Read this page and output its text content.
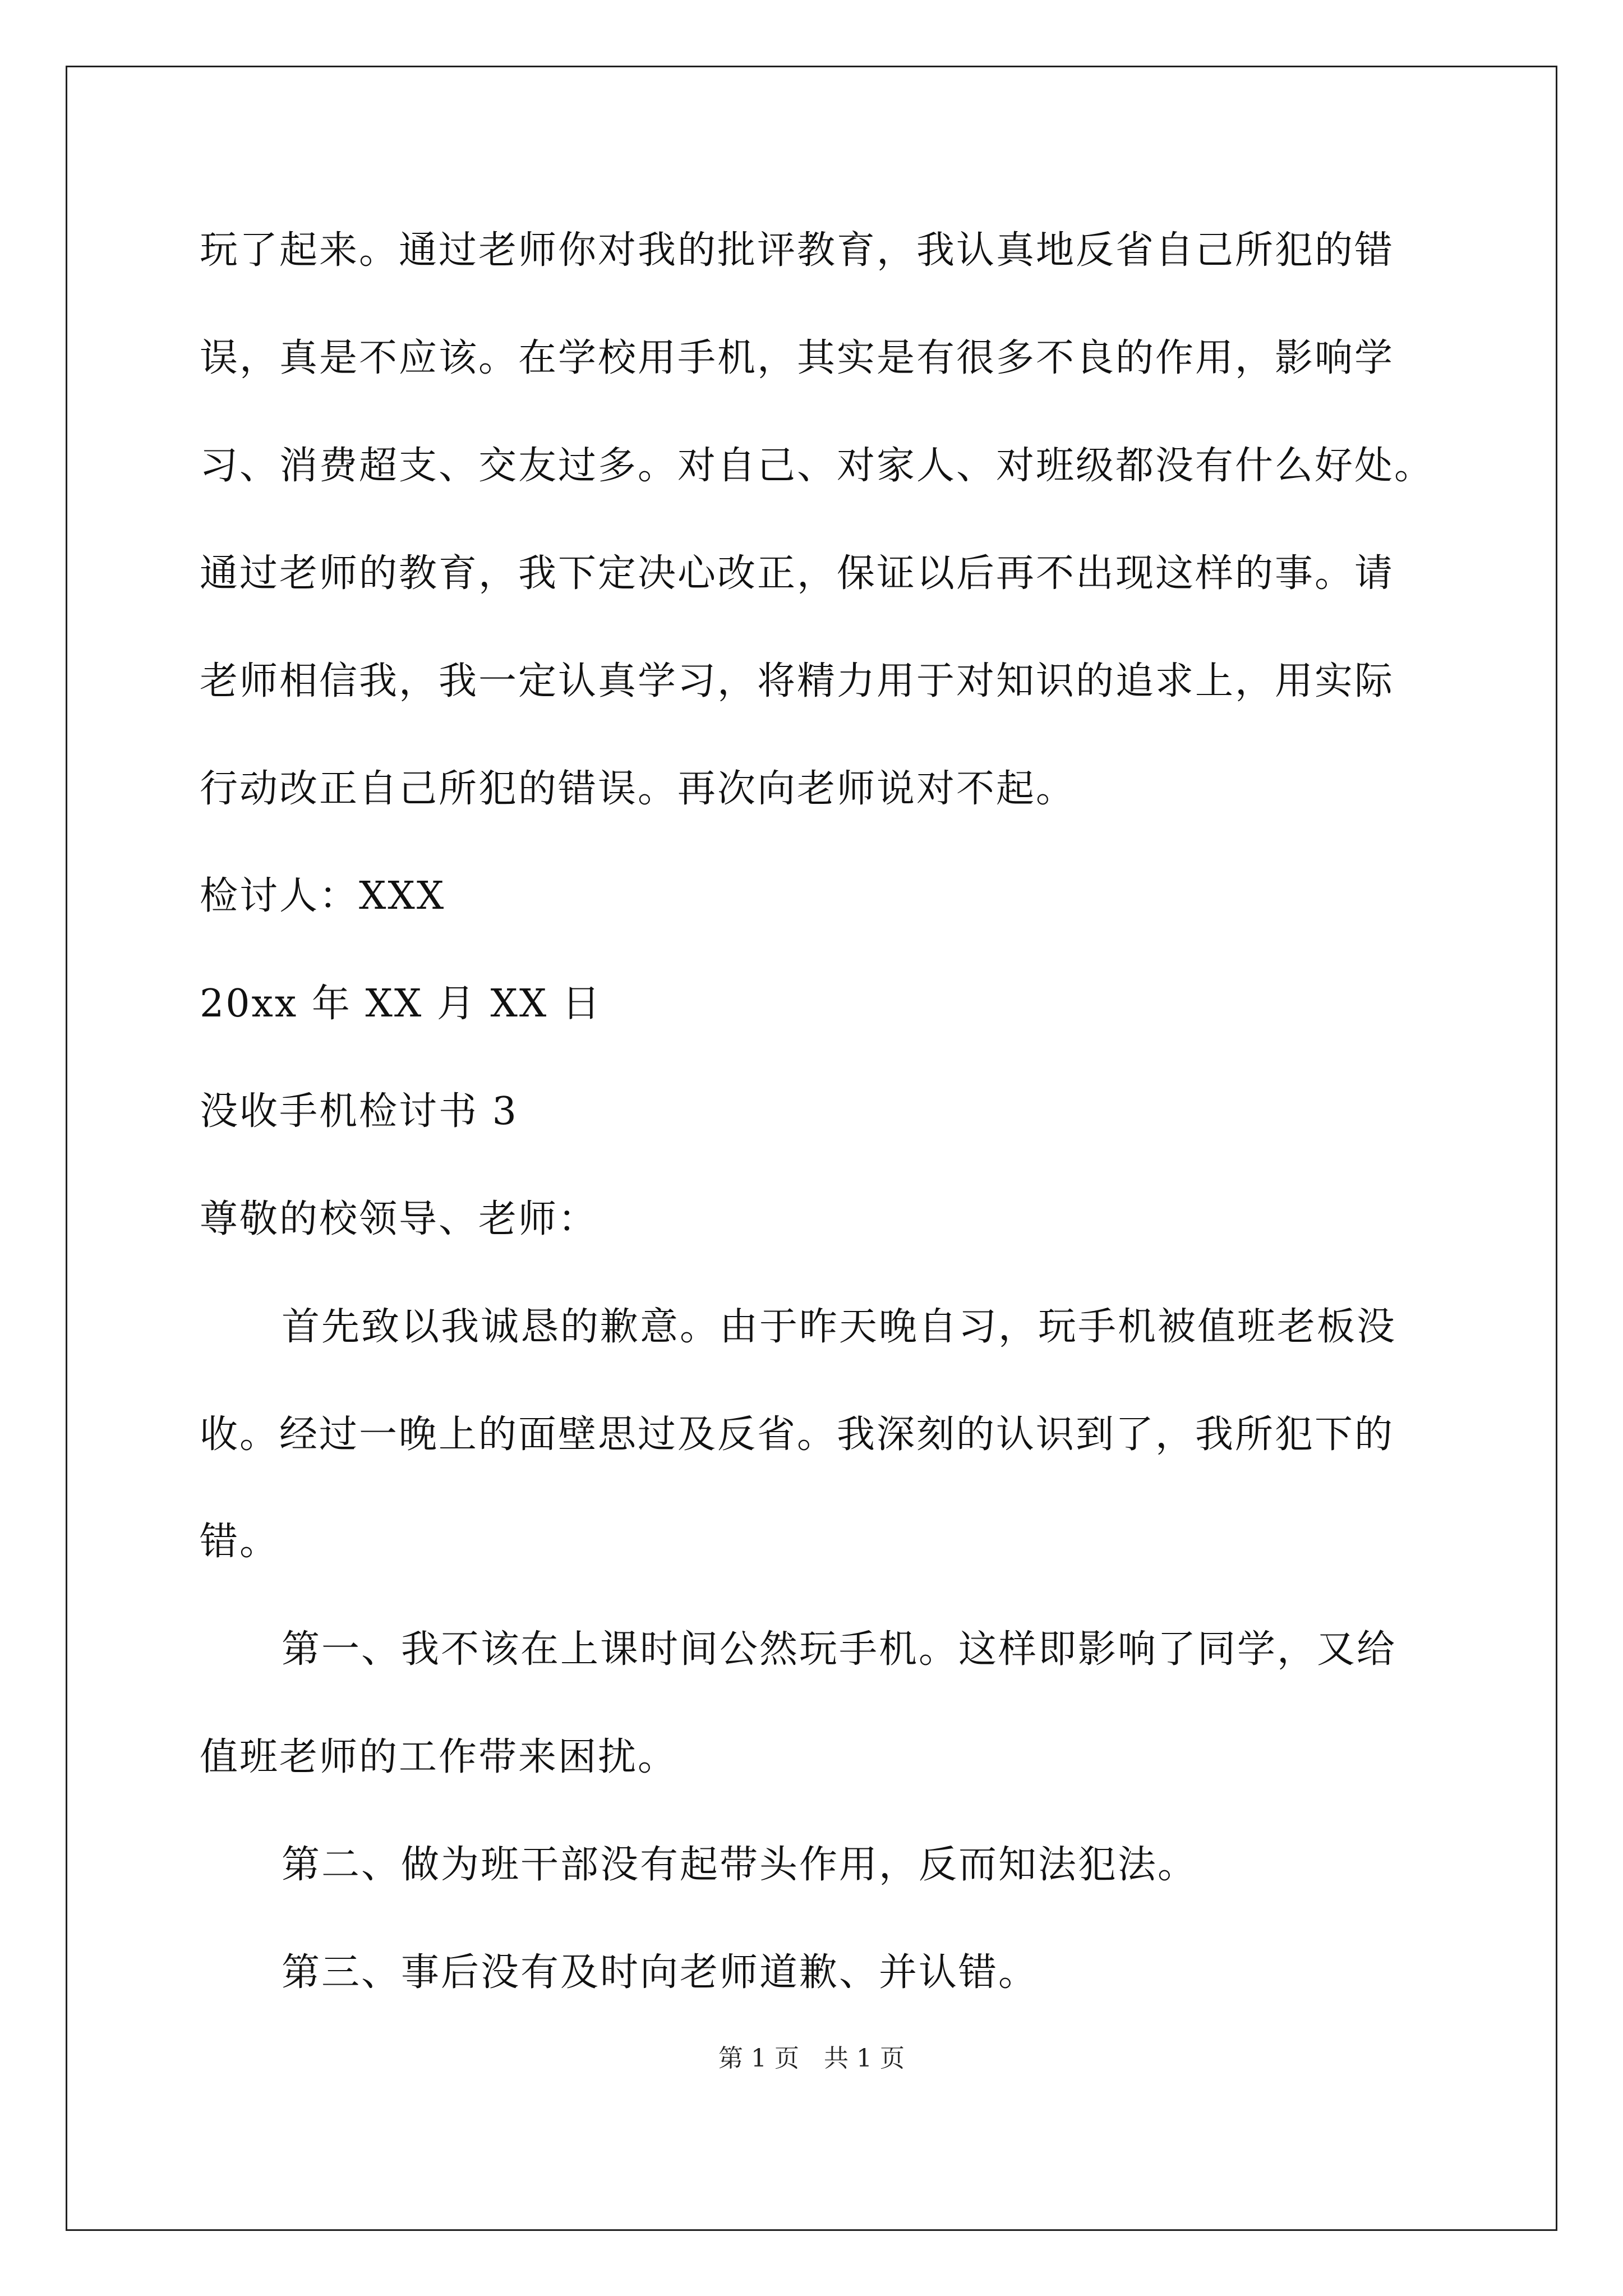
玩了起来。通过老师你对我的批评教育，我认真地反省自己所犯的错
误，真是不应该。在学校用手机，其实是有很多不良的作用，影响学
习、消费超支、交友过多。对自己、对家人、对班级都没有什么好处。
通过老师的教育，我下定决心改正，保证以后再不出现这样的事。请
老师相信我，我一定认真学习，将精力用于对知识的追求上，用实际
行动改正自己所犯的错误。再次向老师说对不起。
检讨人：XXX
20xx 年 XX 月 XX 日
没收手机检讨书 3
尊敬的校领导、老师：
首先致以我诚恳的歉意。由于昨天晚自习，玩手机被值班老板没
收。经过一晚上的面壁思过及反省。我深刻的认识到了，我所犯下的
错。
第一、我不该在上课时间公然玩手机。这样即影响了同学，又给
值班老师的工作带来困扰。
第二、做为班干部没有起带头作用，反而知法犯法。
第三、事后没有及时向老师道歉、并认错。
第 1 页　共 1 页
